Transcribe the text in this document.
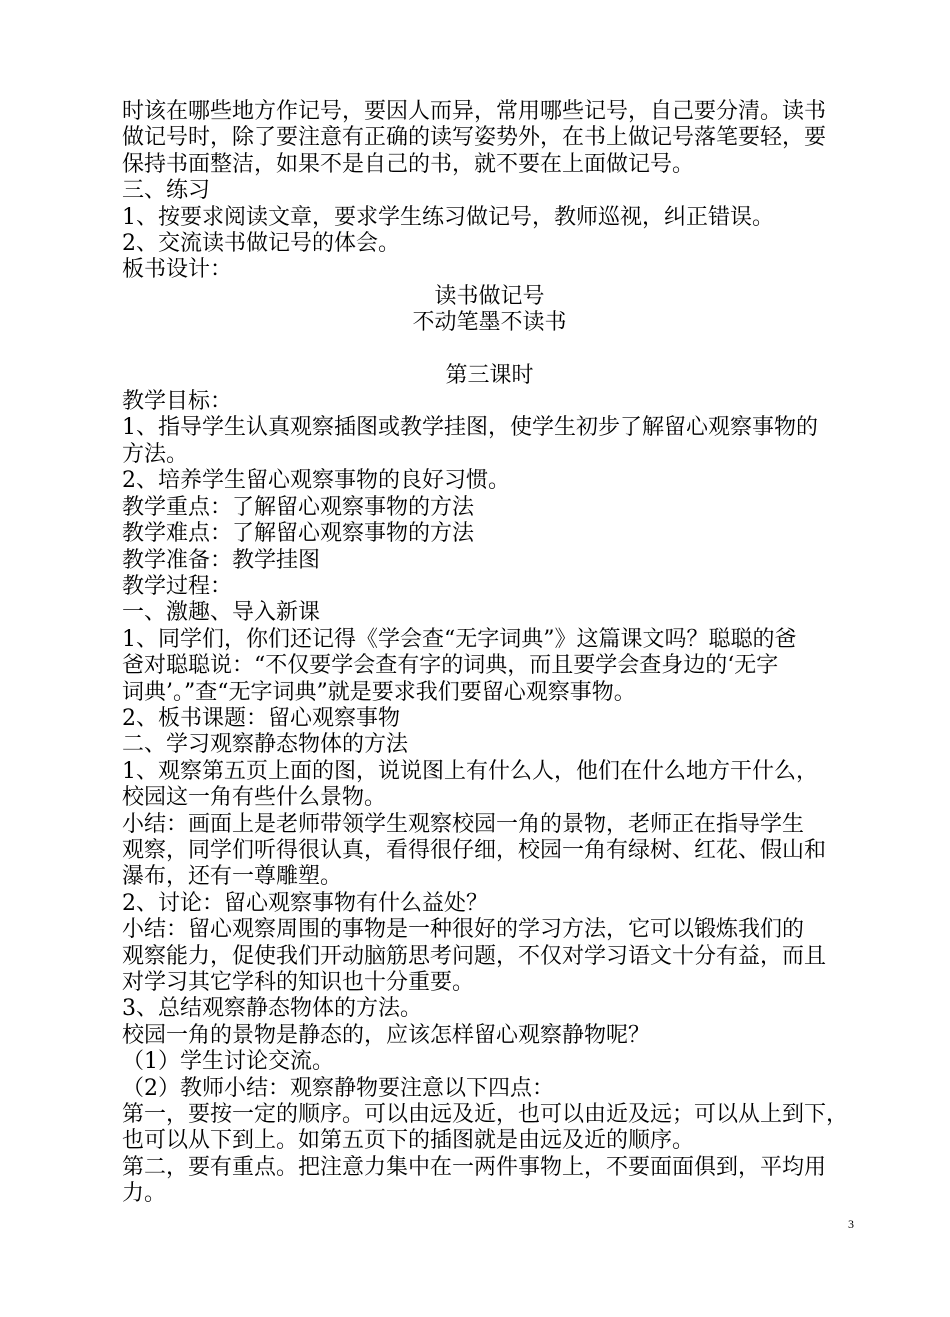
时该在哪些地方作记号，要因人而异，常用哪些记号，自己要分清。读书

做记号时，除了要注意有正确的读写姿势外，在书上做记号落笔要轻，要

保持书面整洁，如果不是自己的书，就不要在上面做记号。

三、练习

1、按要求阅读文章，要求学生练习做记号，教师巡视，纠正错误。

2、交流读书做记号的体会。

板书设计：

读书做记号

不动笔墨不读书

第三课时

教学目标：

1、指导学生认真观察插图或教学挂图，使学生初步了解留心观察事物的

方法。

2、培养学生留心观察事物的良好习惯。

教学重点：了解留心观察事物的方法

教学难点：了解留心观察事物的方法

教学准备：教学挂图

教学过程：

一、激趣、导入新课

1、同学们，你们还记得《学会查“无字词典”》这篇课文吗？聪聪的爸

爸对聪聪说：“不仅要学会查有字的词典，而且要学会查身边的‘无字

词典’。”查“无字词典”就是要求我们要留心观察事物。

2、板书课题：留心观察事物

二、学习观察静态物体的方法

1、观察第五页上面的图，说说图上有什么人，他们在什么地方干什么，

校园这一角有些什么景物。

小结：画面上是老师带领学生观察校园一角的景物，老师正在指导学生

观察，同学们听得很认真，看得很仔细，校园一角有绿树、红花、假山和

瀑布，还有一尊雕塑。

2、讨论：留心观察事物有什么益处？

小结：留心观察周围的事物是一种很好的学习方法，它可以锻炼我们的

观察能力，促使我们开动脑筋思考问题，不仅对学习语文十分有益，而且

对学习其它学科的知识也十分重要。

3、总结观察静态物体的方法。

校园一角的景物是静态的，应该怎样留心观察静物呢？

（1）学生讨论交流。

（2）教师小结：观察静物要注意以下四点：

第一，要按一定的顺序。可以由远及近，也可以由近及远；可以从上到下，

也可以从下到上。如第五页下的插图就是由远及近的顺序。

第二，要有重点。把注意力集中在一两件事物上，不要面面俱到，平均用

力。

3
